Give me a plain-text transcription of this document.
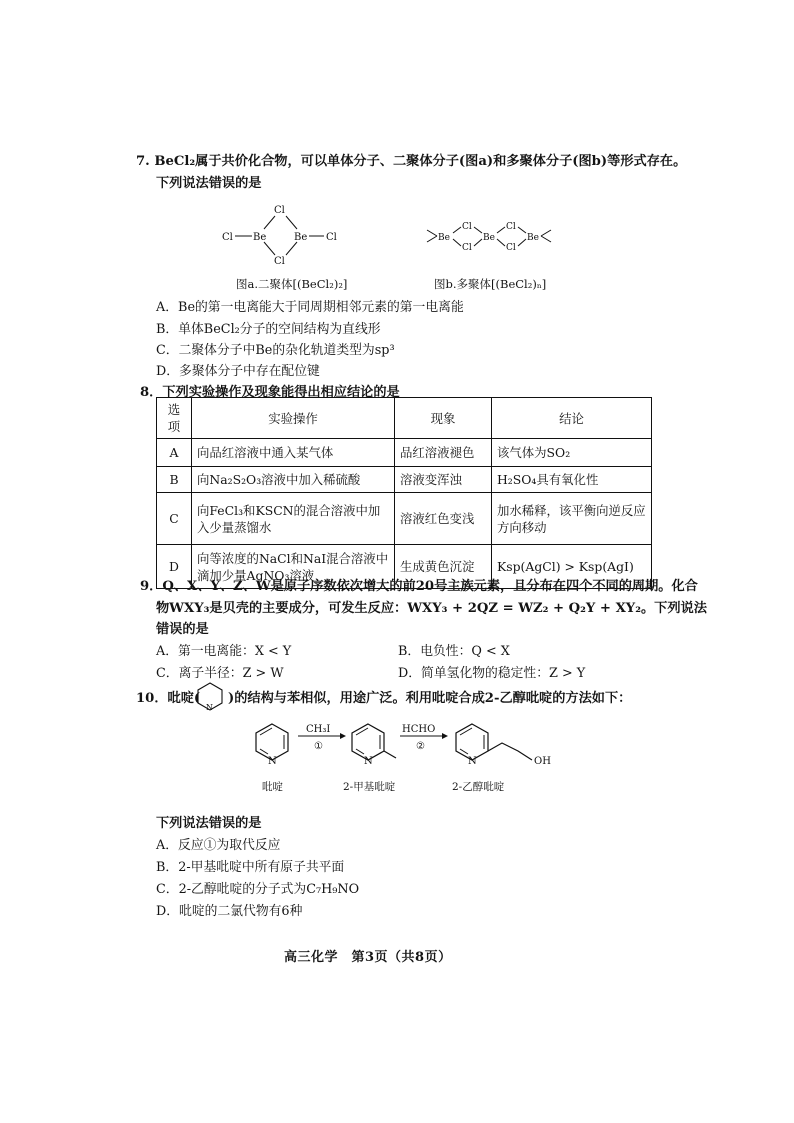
7. BeCl₂属于共价化合物，可以单体分子、二聚体分子(图a)和多聚体分子(图b)等形式存在。
下列说法错误的是
Cl
Cl Be	Be Cl
Cl
图a.二聚体[(BeCl₂)₂]
Be
Cl
Cl
Be
Cl
Cl
Be
图b.多聚体[(BeCl₂)ₙ]
A．Be的第一电离能大于同周期相邻元素的第一电离能
B．单体BeCl₂分子的空间结构为直线形
C．二聚体分子中Be的杂化轨道类型为sp³
D．多聚体分子中存在配位键
8．下列实验操作及现象能得出相应结论的是
选项	实验操作	现象	结论
A	向品红溶液中通入某气体	品红溶液褪色	该气体为SO₂
B	向Na₂S₂O₃溶液中加入稀硫酸	溶液变浑浊	H₂SO₄具有氧化性
C	向FeCl₃和KSCN的混合溶液中加入少量蒸馏水	溶液红色变浅	加水稀释，该平衡向逆反应方向移动
D	向等浓度的NaCl和NaI混合溶液中滴加少量AgNO₃溶液	生成黄色沉淀	Ksp(AgCl) > Ksp(AgI)
9．Q、X、Y、Z、W是原子序数依次增大的前20号主族元素，且分布在四个不同的周期。化合
物WXY₃是贝壳的主要成分，可发生反应：WXY₃ + 2QZ = WZ₂ + Q₂Y + XY₂。下列说法
错误的是
A．第一电离能：X < Y	B．电负性：Q < X
C．离子半径：Z > W	D．简单氢化物的稳定性：Z > Y
10．吡啶(
N
)的结构与苯相似，用途广泛。利用吡啶合成2-乙醇吡啶的方法如下：
N
CH₃I
①
N
HCHO
②
N	OH
吡啶	2-甲基吡啶	2-乙醇吡啶
下列说法错误的是
A．反应①为取代反应
B．2-甲基吡啶中所有原子共平面
C．2-乙醇吡啶的分子式为C₇H₉NO
D．吡啶的二氯代物有6种
高三化学　第3页（共8页）
